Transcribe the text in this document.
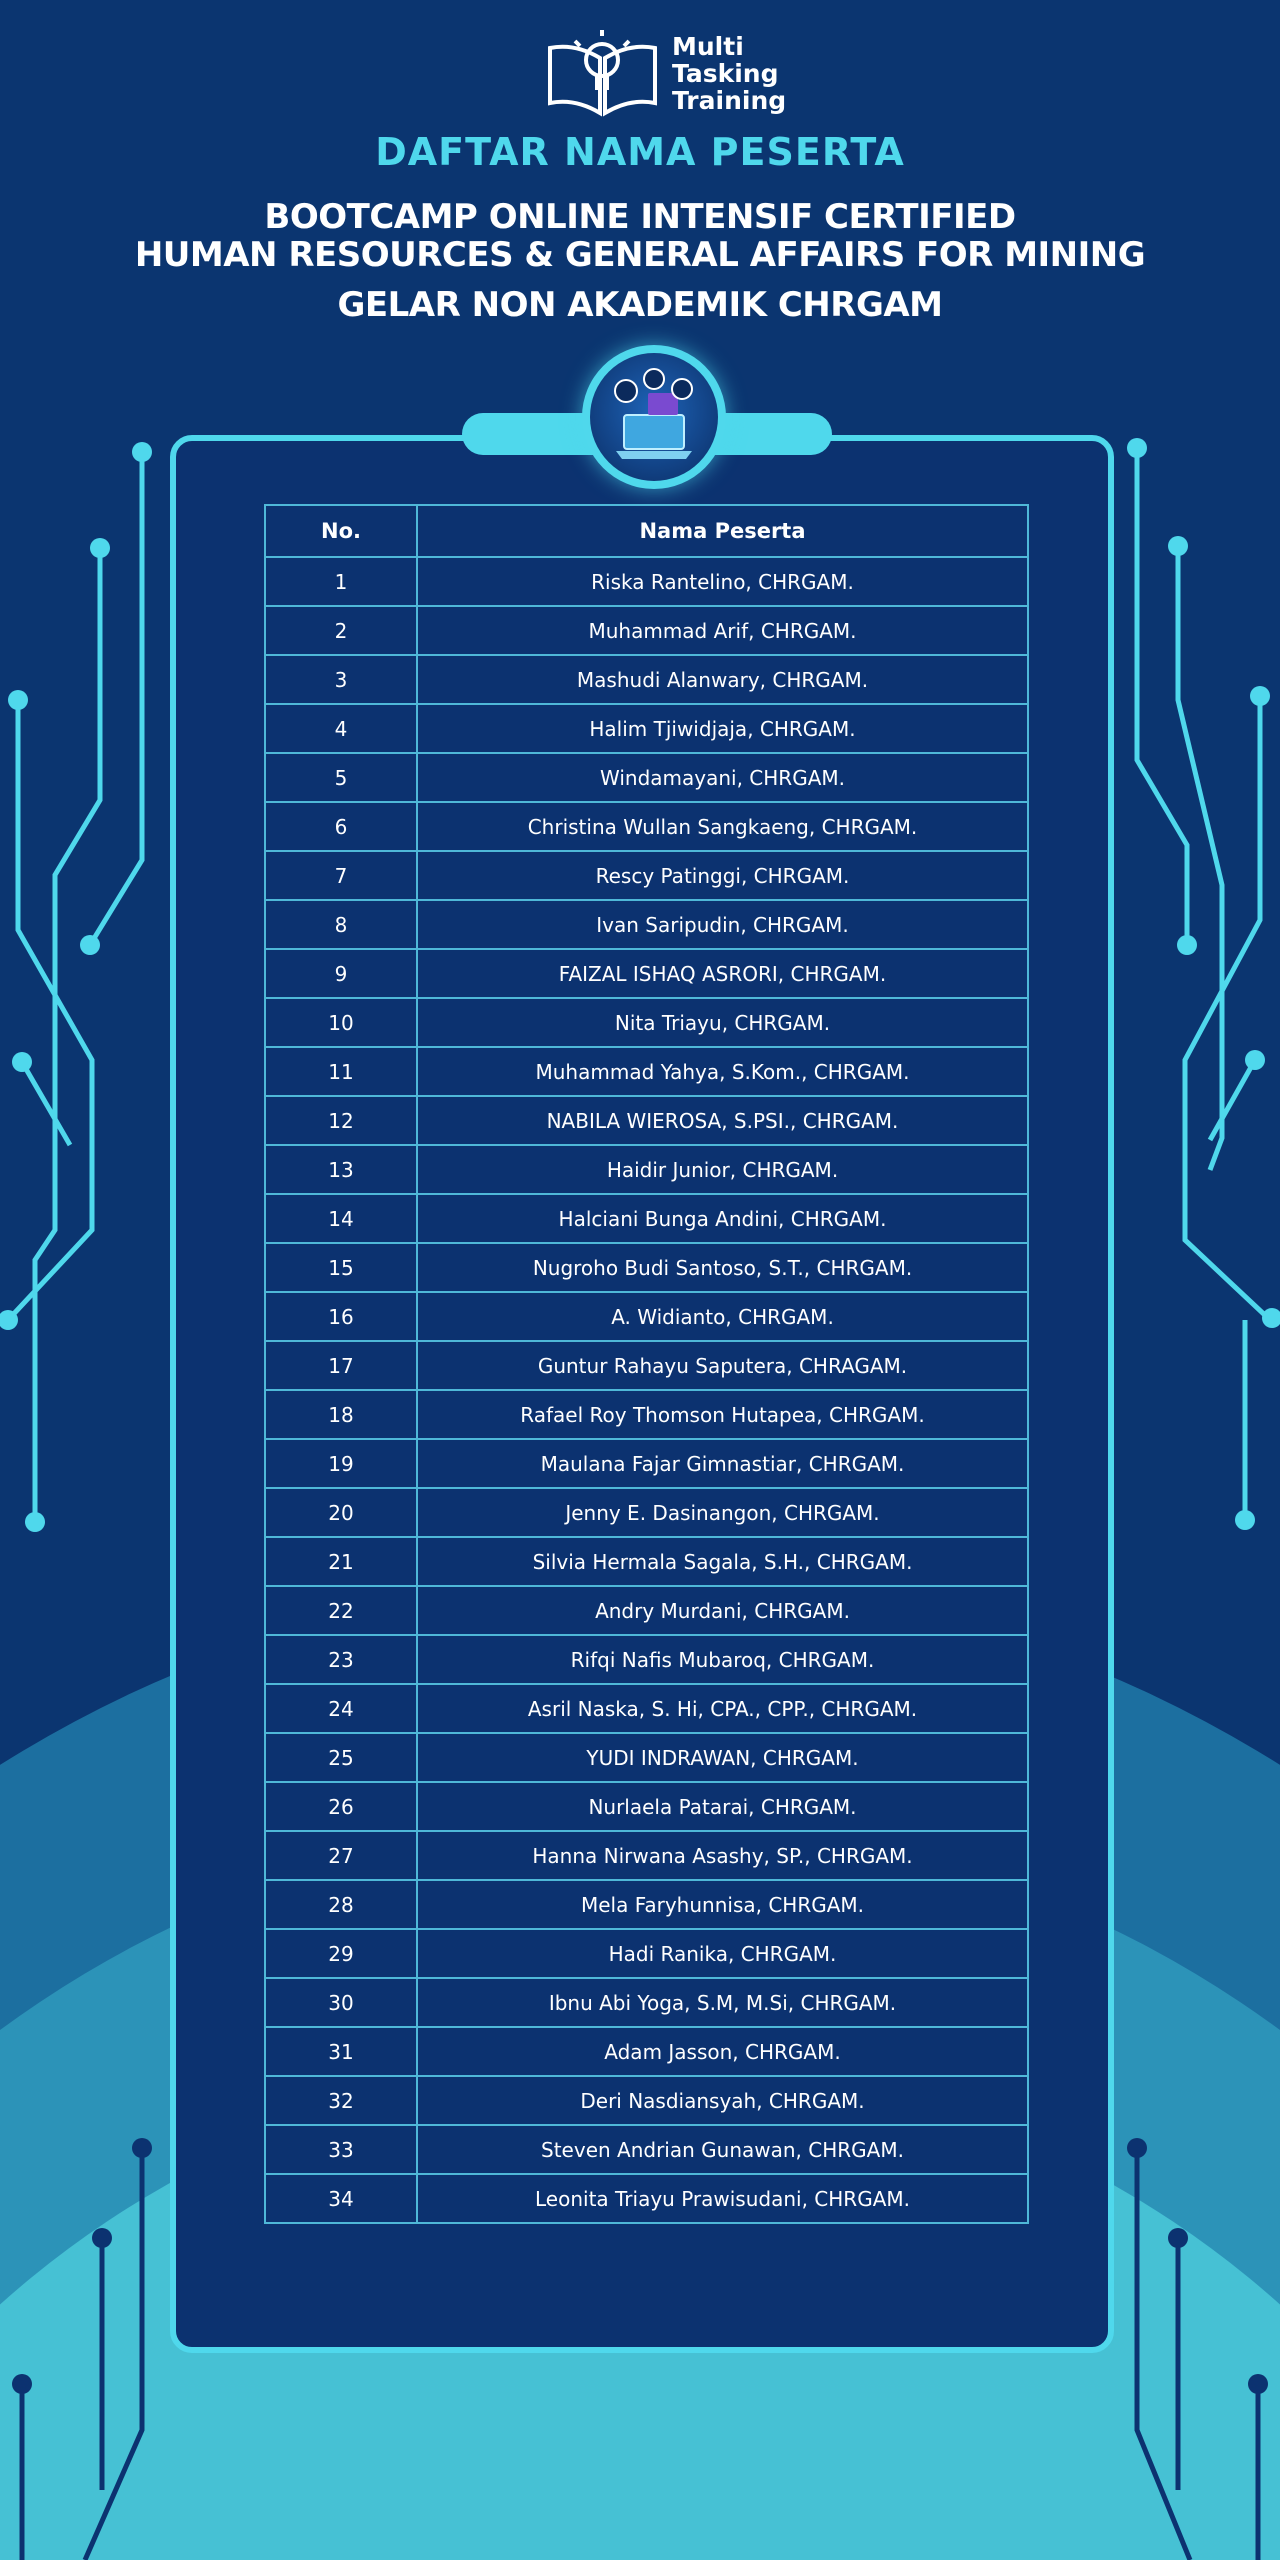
Multi
Tasking
Training
DAFTAR NAMA PESERTA
BOOTCAMP ONLINE INTENSIF CERTIFIED
HUMAN RESOURCES & GENERAL AFFAIRS FOR MINING
GELAR NON AKADEMIK CHRGAM
No.	Nama Peserta
1	Riska Rantelino, CHRGAM.
2	Muhammad Arif, CHRGAM.
3	Mashudi Alanwary, CHRGAM.
4	Halim Tjiwidjaja, CHRGAM.
5	Windamayani, CHRGAM.
6	Christina Wullan Sangkaeng, CHRGAM.
7	Rescy Patinggi, CHRGAM.
8	Ivan Saripudin, CHRGAM.
9	FAIZAL ISHAQ ASRORI, CHRGAM.
10	Nita Triayu, CHRGAM.
11	Muhammad Yahya, S.Kom., CHRGAM.
12	NABILA WIEROSA, S.PSI., CHRGAM.
13	Haidir Junior, CHRGAM.
14	Halciani Bunga Andini, CHRGAM.
15	Nugroho Budi Santoso, S.T., CHRGAM.
16	A. Widianto, CHRGAM.
17	Guntur Rahayu Saputera, CHRAGAM.
18	Rafael Roy Thomson Hutapea, CHRGAM.
19	Maulana Fajar Gimnastiar, CHRGAM.
20	Jenny E. Dasinangon, CHRGAM.
21	Silvia Hermala Sagala, S.H., CHRGAM.
22	Andry Murdani, CHRGAM.
23	Rifqi Nafis Mubaroq, CHRGAM.
24	Asril Naska, S. Hi, CPA., CPP., CHRGAM.
25	YUDI INDRAWAN, CHRGAM.
26	Nurlaela Patarai, CHRGAM.
27	Hanna Nirwana Asashy, SP., CHRGAM.
28	Mela Faryhunnisa, CHRGAM.
29	Hadi Ranika, CHRGAM.
30	Ibnu Abi Yoga, S.M, M.Si, CHRGAM.
31	Adam Jasson, CHRGAM.
32	Deri Nasdiansyah, CHRGAM.
33	Steven Andrian Gunawan, CHRGAM.
34	Leonita Triayu Prawisudani, CHRGAM.
